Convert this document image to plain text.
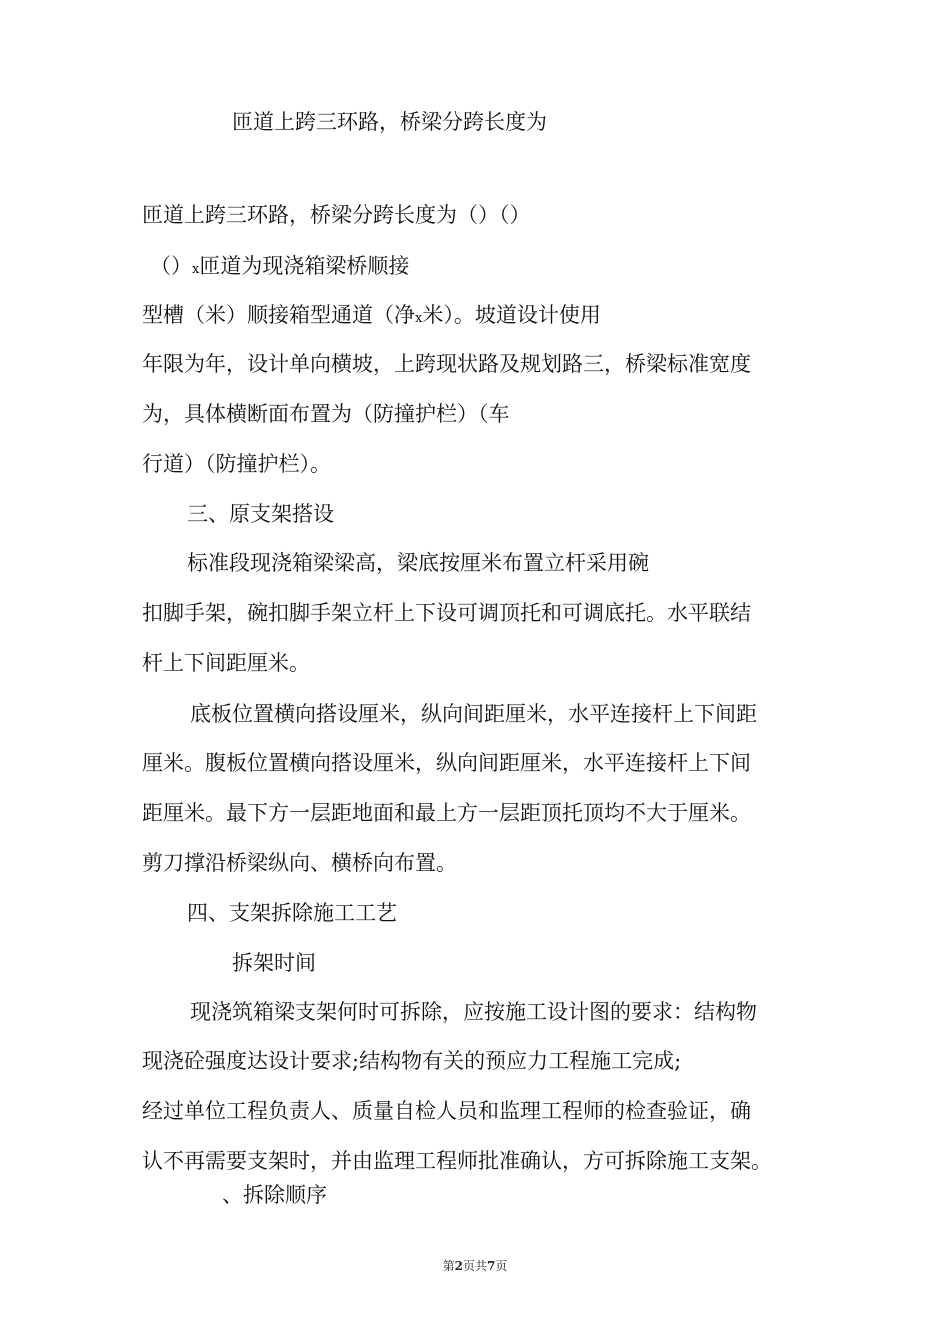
匝道上跨三环路，桥梁分跨长度为
匝道上跨三环路，桥梁分跨长度为（）（）
（）x匝道为现浇箱梁桥顺接
型槽（米）顺接箱型通道（净x米）。坡道设计使用
年限为年，设计单向横坡，上跨现状路及规划路三，桥梁标准宽度
为，具体横断面布置为（防撞护栏）（车
行道）（防撞护栏）。
三、原支架搭设
标准段现浇箱梁梁高，梁底按厘米布置立杆采用碗
扣脚手架，碗扣脚手架立杆上下设可调顶托和可调底托。水平联结
杆上下间距厘米。
底板位置横向搭设厘米，纵向间距厘米，水平连接杆上下间距
厘米。腹板位置横向搭设厘米，纵向间距厘米，水平连接杆上下间
距厘米。最下方一层距地面和最上方一层距顶托顶均不大于厘米。
剪刀撑沿桥梁纵向、横桥向布置。
四、支架拆除施工工艺
拆架时间
现浇筑箱梁支架何时可拆除，应按施工设计图的要求：结构物
现浇砼强度达设计要求;结构物有关的预应力工程施工完成;
经过单位工程负责人、质量自检人员和监理工程师的检查验证，确
认不再需要支架时，并由监理工程师批准确认，方可拆除施工支架。
、拆除顺序
第2页共7页
